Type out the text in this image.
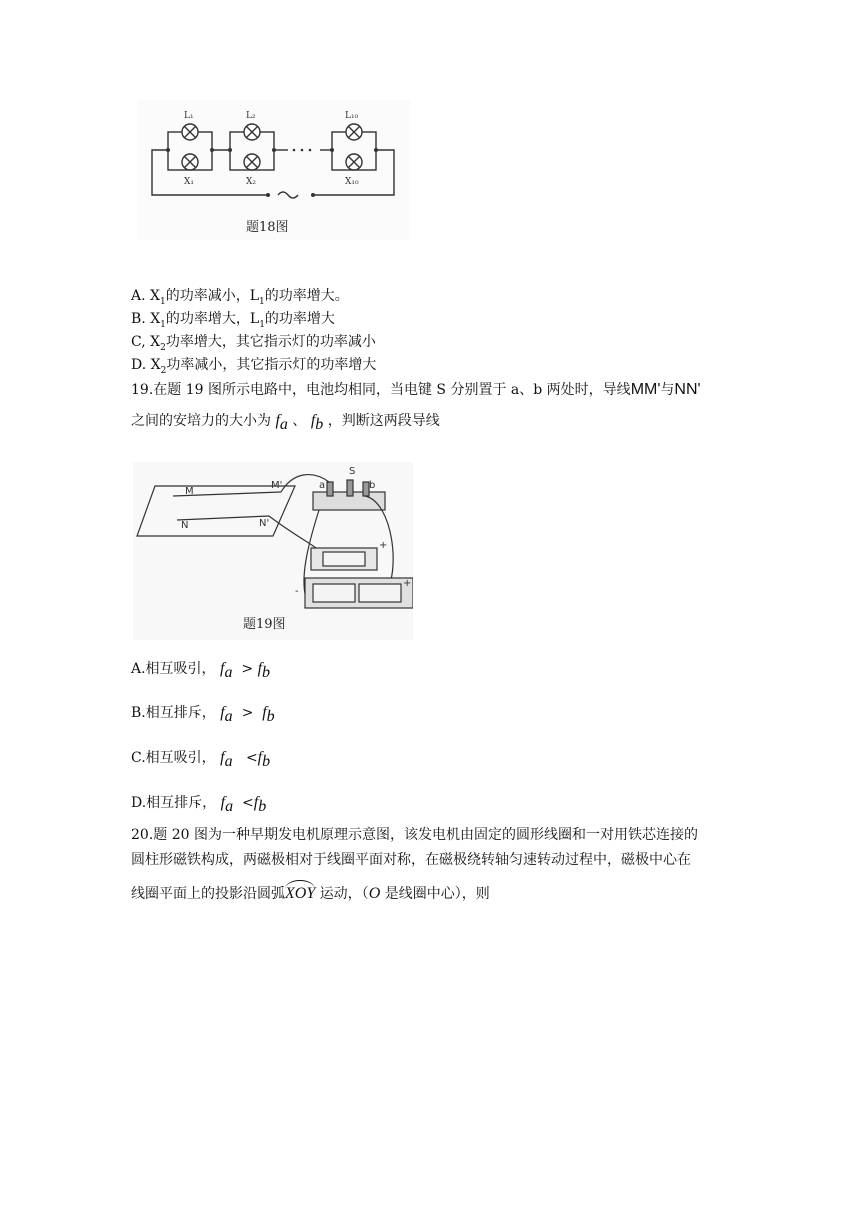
L₁	L₂	L₁₀
X₁	X₂	X₁₀
题18图
A. $X_1$的功率减小，$L_1$的功率增大。
B. $X_1$的功率增大，$L_1$的功率增大
C, $X_2$功率增大，其它指示灯的功率减小
D. $X_2$功率减小，其它指示灯的功率增大
19.在题 19 图所示电路中，电池均相同，当电键 S 分别置于 a、b 两处时，导线MM'与NN'
之间的安培力的大小为 $f_a$ 、 $f_b$ ，判断这两段导线
S
a	b
M
M'
N'
N
+
-
+
题19图
A.相互吸引， $f_a > f_b$
B.相互排斥， $f_a > f_b$
C.相互吸引， $f_a <f_b$
D.相互排斥， $f_a <f_b$
20.题 20 图为一种早期发电机原理示意图，该发电机由固定的圆形线圈和一对用铁芯连接的
圆柱形磁铁构成，两磁极相对于线圈平面对称，在磁极绕转轴匀速转动过程中，磁极中心在
线圈平面上的投影沿圆弧XOY 运动，（O 是线圈中心），则
